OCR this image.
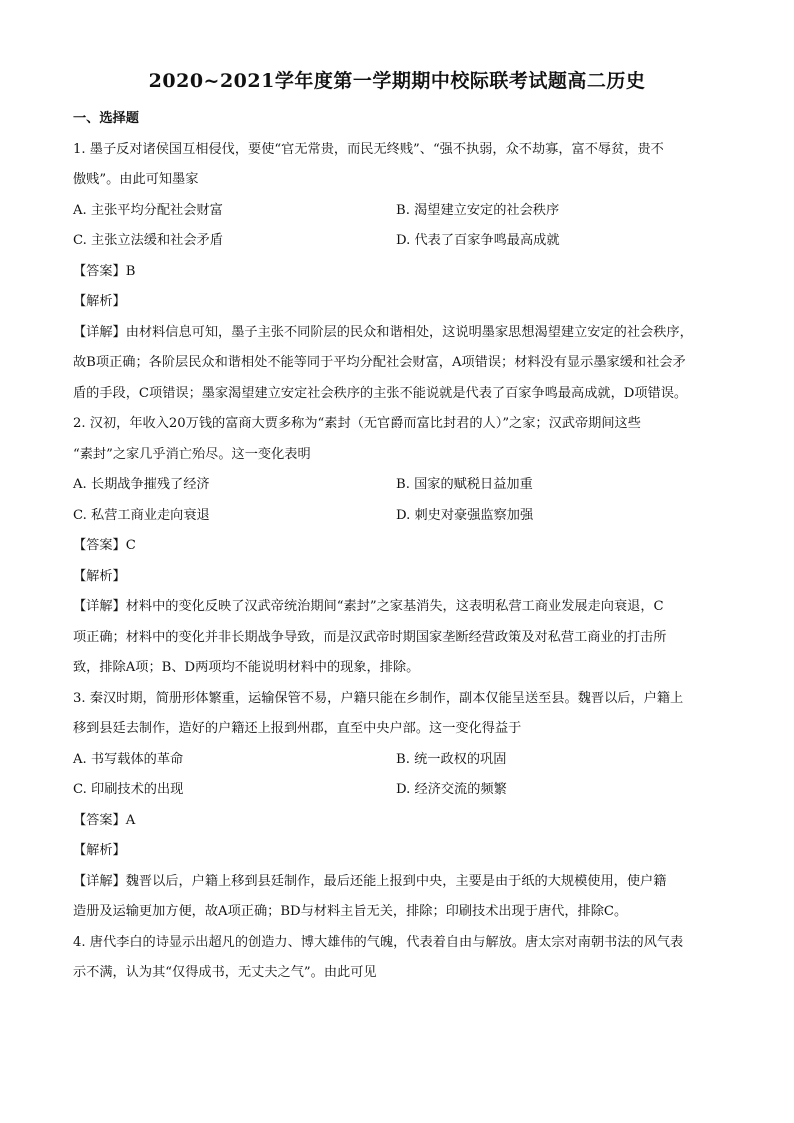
2020~2021学年度第一学期期中校际联考试题高二历史
一、选择题
1. 墨子反对诸侯国互相侵伐，要使“官无常贵，而民无终贱”、“强不执弱，众不劫寡，富不辱贫，贵不
傲贱”。由此可知墨家
A. 主张平均分配社会财富	B. 渴望建立安定的社会秩序
C. 主张立法缓和社会矛盾	D. 代表了百家争鸣最高成就
【答案】B
【解析】
【详解】由材料信息可知，墨子主张不同阶层的民众和谐相处，这说明墨家思想渴望建立安定的社会秩序，
故B项正确；各阶层民众和谐相处不能等同于平均分配社会财富，A项错误；材料没有显示墨家缓和社会矛
盾的手段，C项错误；墨家渴望建立安定社会秩序的主张不能说就是代表了百家争鸣最高成就，D项错误。
2. 汉初，年收入20万钱的富商大贾多称为“素封（无官爵而富比封君的人）”之家；汉武帝期间这些
“素封”之家几乎消亡殆尽。这一变化表明
A. 长期战争摧残了经济	B. 国家的赋税日益加重
C. 私营工商业走向衰退	D. 刺史对豪强监察加强
【答案】C
【解析】
【详解】材料中的变化反映了汉武帝统治期间“素封”之家基消失，这表明私营工商业发展走向衰退，C
项正确；材料中的变化并非长期战争导致，而是汉武帝时期国家垄断经营政策及对私营工商业的打击所
致，排除A项；B、D两项均不能说明材料中的现象，排除。
3. 秦汉时期，简册形体繁重，运输保管不易，户籍只能在乡制作，副本仅能呈送至县。魏晋以后，户籍上
移到县廷去制作，造好的户籍还上报到州郡，直至中央户部。这一变化得益于
A. 书写载体的革命	B. 统一政权的巩固
C. 印刷技术的出现	D. 经济交流的频繁
【答案】A
【解析】
【详解】魏晋以后，户籍上移到县廷制作，最后还能上报到中央，主要是由于纸的大规模使用，使户籍
造册及运输更加方便，故A项正确；BD与材料主旨无关，排除；印刷技术出现于唐代，排除C。
4. 唐代李白的诗显示出超凡的创造力、博大雄伟的气魄，代表着自由与解放。唐太宗对南朝书法的风气表
示不满，认为其“仅得成书，无丈夫之气”。由此可见
